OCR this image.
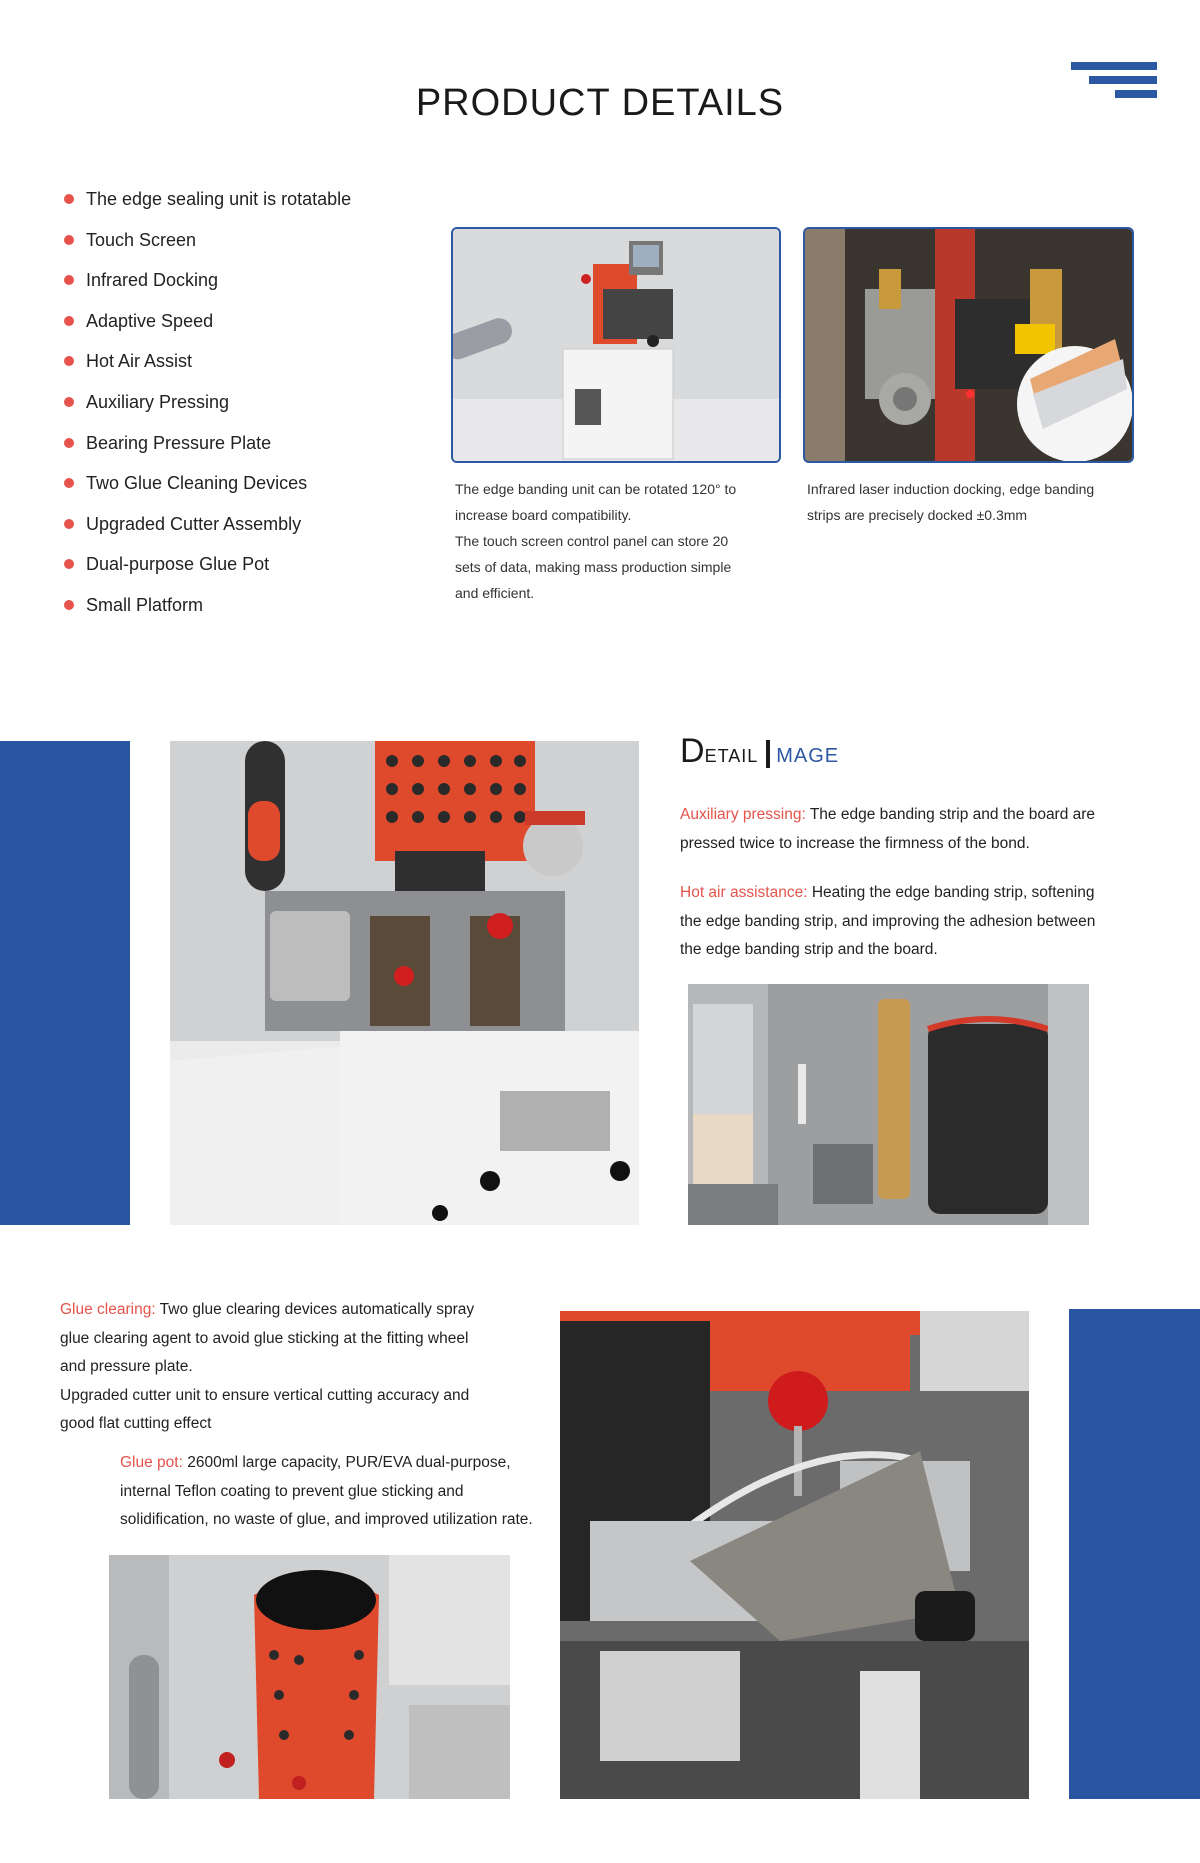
PRODUCT DETAILS
The edge sealing unit is rotatable
Touch Screen
Infrared Docking
Adaptive Speed
Hot Air Assist
Auxiliary Pressing
Bearing Pressure Plate
Two Glue Cleaning Devices
Upgraded Cutter Assembly
Dual-purpose Glue Pot
Small Platform
The edge banding unit can be rotated 120° to
increase board compatibility.
The touch screen control panel can store 20
sets of data, making mass production simple
and efficient.
Infrared laser induction docking, edge banding
strips are precisely docked ±0.3mm
DETAIL MAGE
Auxiliary pressing: The edge banding strip and the board are
pressed twice to increase the firmness of the bond.
Hot air assistance: Heating the edge banding strip, softening
the edge banding strip, and improving the adhesion between
the edge banding strip and the board.
Glue clearing: Two glue clearing devices automatically spray
glue clearing agent to avoid glue sticking at the fitting wheel
and pressure plate.
Upgraded cutter unit to ensure vertical cutting accuracy and
good flat cutting effect
Glue pot: 2600ml large capacity, PUR/EVA dual-purpose,
internal Teflon coating to prevent glue sticking and
solidification, no waste of glue, and improved utilization rate.
